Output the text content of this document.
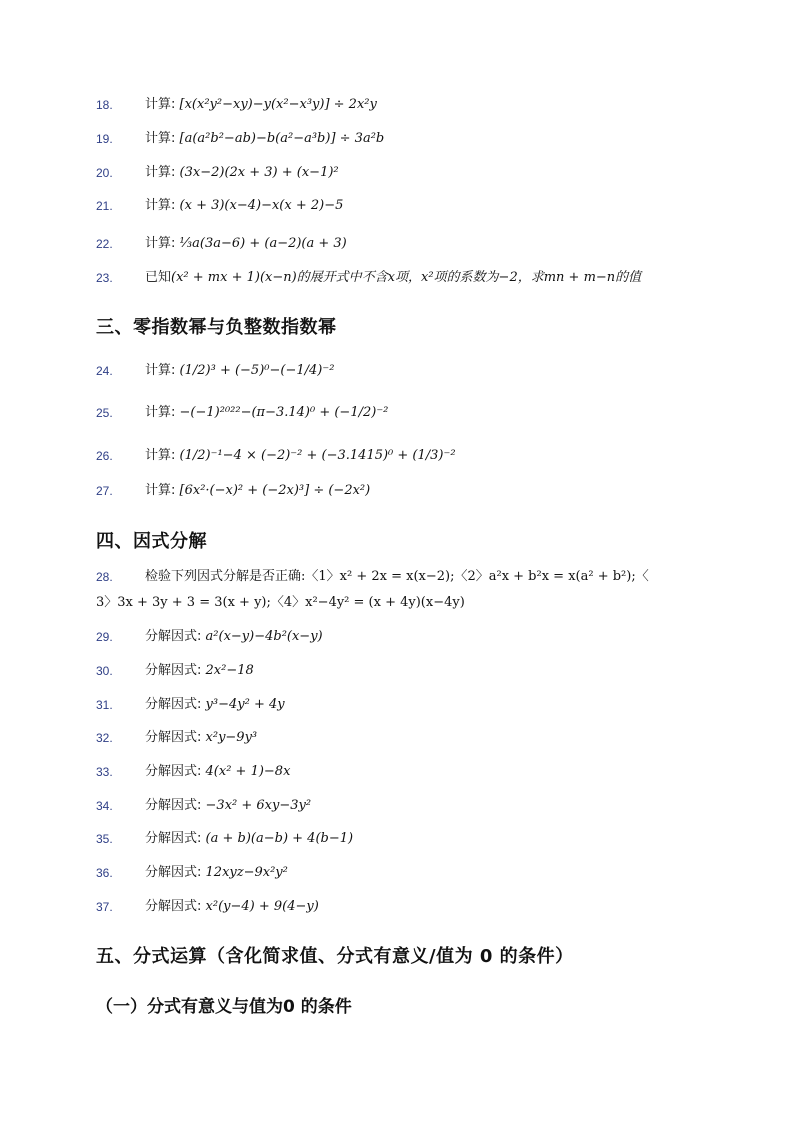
18. 计算: [x(x²y²−xy)−y(x²−x³y)] ÷ 2x²y
19. 计算: [a(a²b²−ab)−b(a²−a³b)] ÷ 3a²b
20. 计算: (3x−2)(2x + 3) + (x−1)²
21. 计算: (x + 3)(x−4)−x(x + 2)−5
22. 计算: ⅓a(3a−6) + (a−2)(a + 3)
23. 已知(x² + mx + 1)(x−n)的展开式中不含x项，x²项的系数为−2，求mn + m−n的值
三、零指数幂与负整数指数幂
24. 计算: (1/2)³ + (−5)⁰−(−1/4)⁻²
25. 计算: −(−1)²⁰²²−(π−3.14)⁰ + (−1/2)⁻²
26. 计算: (1/2)⁻¹−4 × (−2)⁻² + (−3.1415)⁰ + (1/3)⁻²
27. 计算: [6x²·(−x)² + (−2x)³] ÷ (−2x²)
四、因式分解
28. 检验下列因式分解是否正确:〈1〉x² + 2x = x(x−2);〈2〉a²x + b²x = x(a² + b²);〈
3〉3x + 3y + 3 = 3(x + y);〈4〉x²−4y² = (x + 4y)(x−4y)
29. 分解因式: a²(x−y)−4b²(x−y)
30. 分解因式: 2x²−18
31. 分解因式: y³−4y² + 4y
32. 分解因式: x²y−9y³
33. 分解因式: 4(x² + 1)−8x
34. 分解因式: −3x² + 6xy−3y²
35. 分解因式: (a + b)(a−b) + 4(b−1)
36. 分解因式: 12xyz−9x²y²
37. 分解因式: x²(y−4) + 9(4−y)
五、分式运算（含化简求值、分式有意义/值为 0 的条件）
（一）分式有意义与值为0 的条件
